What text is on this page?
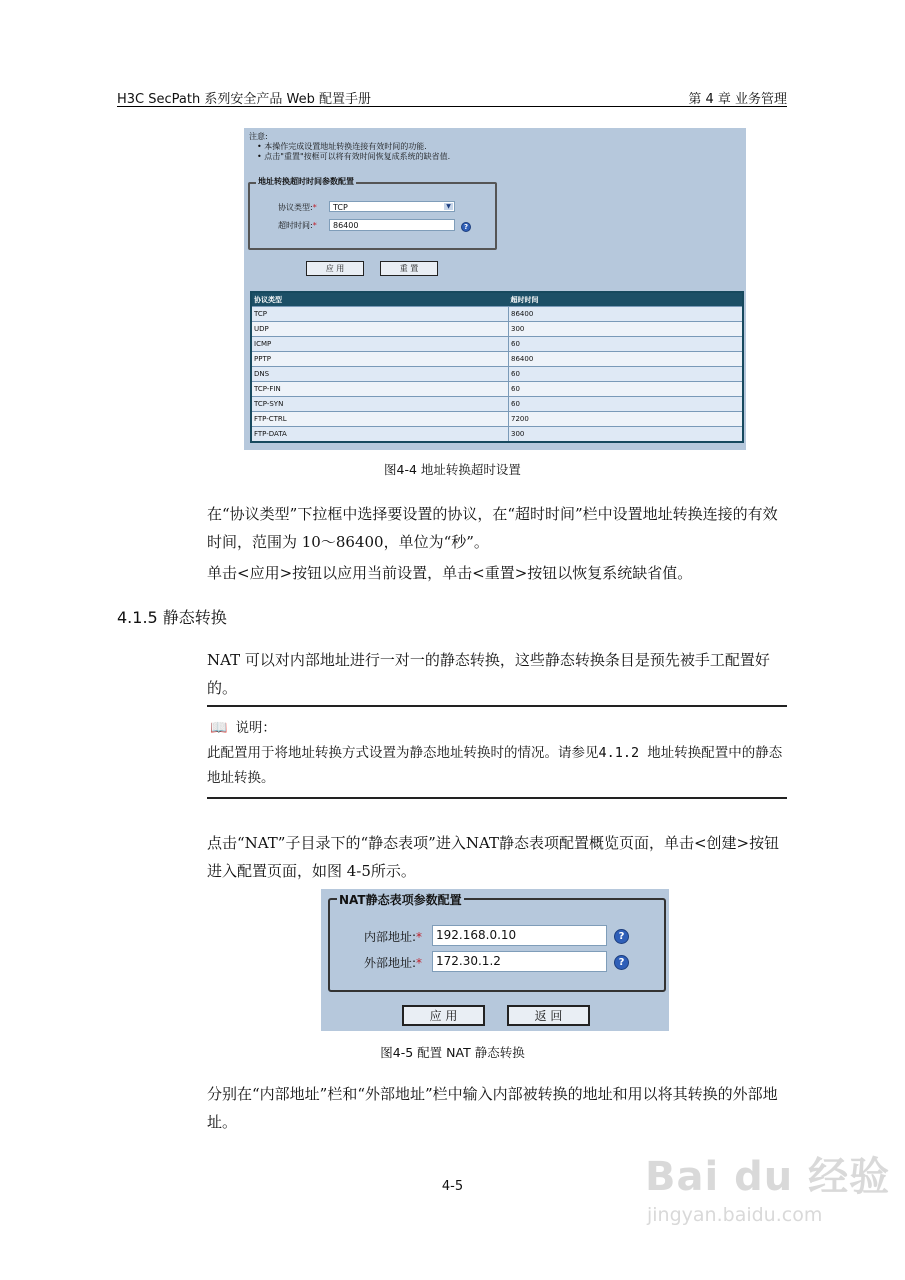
H3C SecPath 系列安全产品 Web 配置手册	第 4 章 业务管理
注意:
• 本操作完成设置地址转换连接有效时间的功能.
• 点击"重置"按框可以将有效时间恢复成系统的缺省值.
地址转换超时时间参数配置
协议类型:*	TCP	▼
超时时间:*	86400	?
应 用	重 置
协议类型	超时时间
TCP	86400
UDP	300
ICMP	60
PPTP	86400
DNS	60
TCP-FIN	60
TCP-SYN	60
FTP-CTRL	7200
FTP-DATA	300
图4-4 地址转换超时设置
在“协议类型”下拉框中选择要设置的协议，在“超时时间”栏中设置地址转换连接的有效时间，范围为 10～86400，单位为“秒”。
单击<应用>按钮以应用当前设置，单击<重置>按钮以恢复系统缺省值。
4.1.5 静态转换
NAT 可以对内部地址进行一对一的静态转换，这些静态转换条目是预先被手工配置好的。
📖 说明：
此配置用于将地址转换方式设置为静态地址转换时的情况。请参见4.1.2 地址转换配置中的静态地址转换。
点击“NAT”子目录下的“静态表项”进入NAT静态表项配置概览页面，单击<创建>按钮进入配置页面，如图 4-5所示。
NAT静态表项参数配置
内部地址:*	192.168.0.10	?
外部地址:*	172.30.1.2	?
应 用	返 回
图4-5 配置 NAT 静态转换
分别在“内部地址”栏和“外部地址”栏中输入内部被转换的地址和用以将其转换的外部地址。
4-5	Bai du 经验
jingyan.baidu.com
